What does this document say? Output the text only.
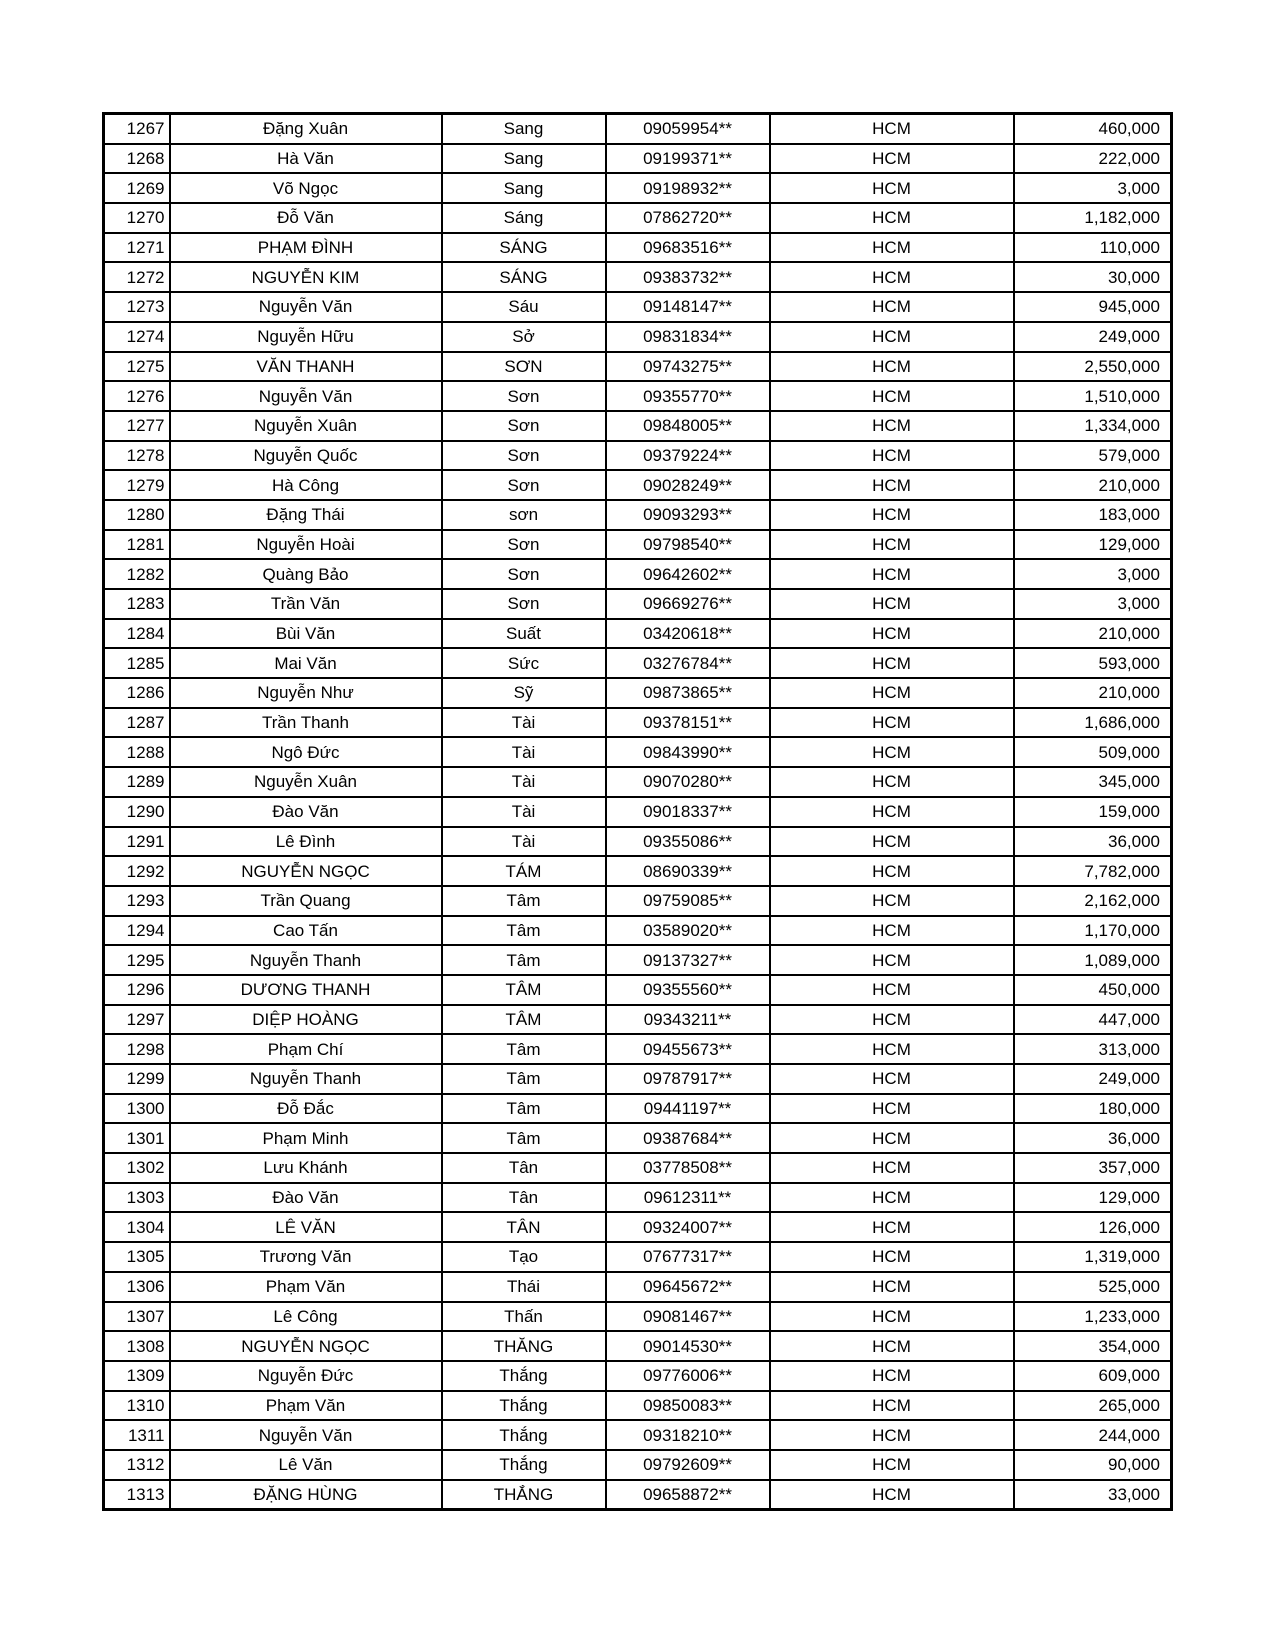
1267	Đặng Xuân	Sang	09059954**	HCM	460,000
1268	Hà Văn	Sang	09199371**	HCM	222,000
1269	Võ Ngọc	Sang	09198932**	HCM	3,000
1270	Đỗ Văn	Sáng	07862720**	HCM	1,182,000
1271	PHẠM ĐÌNH	SÁNG	09683516**	HCM	110,000
1272	NGUYỄN KIM	SÁNG	09383732**	HCM	30,000
1273	Nguyễn Văn	Sáu	09148147**	HCM	945,000
1274	Nguyễn Hữu	Sở	09831834**	HCM	249,000
1275	VĂN THANH	SƠN	09743275**	HCM	2,550,000
1276	Nguyễn Văn	Sơn	09355770**	HCM	1,510,000
1277	Nguyễn Xuân	Sơn	09848005**	HCM	1,334,000
1278	Nguyễn Quốc	Sơn	09379224**	HCM	579,000
1279	Hà Công	Sơn	09028249**	HCM	210,000
1280	Đặng Thái	sơn	09093293**	HCM	183,000
1281	Nguyễn Hoài	Sơn	09798540**	HCM	129,000
1282	Quàng Bảo	Sơn	09642602**	HCM	3,000
1283	Trần Văn	Sơn	09669276**	HCM	3,000
1284	Bùi Văn	Suất	03420618**	HCM	210,000
1285	Mai Văn	Sức	03276784**	HCM	593,000
1286	Nguyễn Như	Sỹ	09873865**	HCM	210,000
1287	Trần Thanh	Tài	09378151**	HCM	1,686,000
1288	Ngô Đức	Tài	09843990**	HCM	509,000
1289	Nguyễn Xuân	Tài	09070280**	HCM	345,000
1290	Đào Văn	Tài	09018337**	HCM	159,000
1291	Lê Đình	Tài	09355086**	HCM	36,000
1292	NGUYỄN NGỌC	TÁM	08690339**	HCM	7,782,000
1293	Trần Quang	Tâm	09759085**	HCM	2,162,000
1294	Cao Tấn	Tâm	03589020**	HCM	1,170,000
1295	Nguyễn Thanh	Tâm	09137327**	HCM	1,089,000
1296	DƯƠNG THANH	TÂM	09355560**	HCM	450,000
1297	DIỆP HOÀNG	TÂM	09343211**	HCM	447,000
1298	Phạm Chí	Tâm	09455673**	HCM	313,000
1299	Nguyễn Thanh	Tâm	09787917**	HCM	249,000
1300	Đỗ Đắc	Tâm	09441197**	HCM	180,000
1301	Phạm Minh	Tâm	09387684**	HCM	36,000
1302	Lưu Khánh	Tân	03778508**	HCM	357,000
1303	Đào Văn	Tân	09612311**	HCM	129,000
1304	LÊ VĂN	TÂN	09324007**	HCM	126,000
1305	Trương Văn	Tạo	07677317**	HCM	1,319,000
1306	Phạm Văn	Thái	09645672**	HCM	525,000
1307	Lê Công	Thấn	09081467**	HCM	1,233,000
1308	NGUYỄN NGỌC	THĂNG	09014530**	HCM	354,000
1309	Nguyễn Đức	Thắng	09776006**	HCM	609,000
1310	Phạm Văn	Thắng	09850083**	HCM	265,000
1311	Nguyễn Văn	Thắng	09318210**	HCM	244,000
1312	Lê Văn	Thắng	09792609**	HCM	90,000
1313	ĐẶNG HÙNG	THẮNG	09658872**	HCM	33,000
